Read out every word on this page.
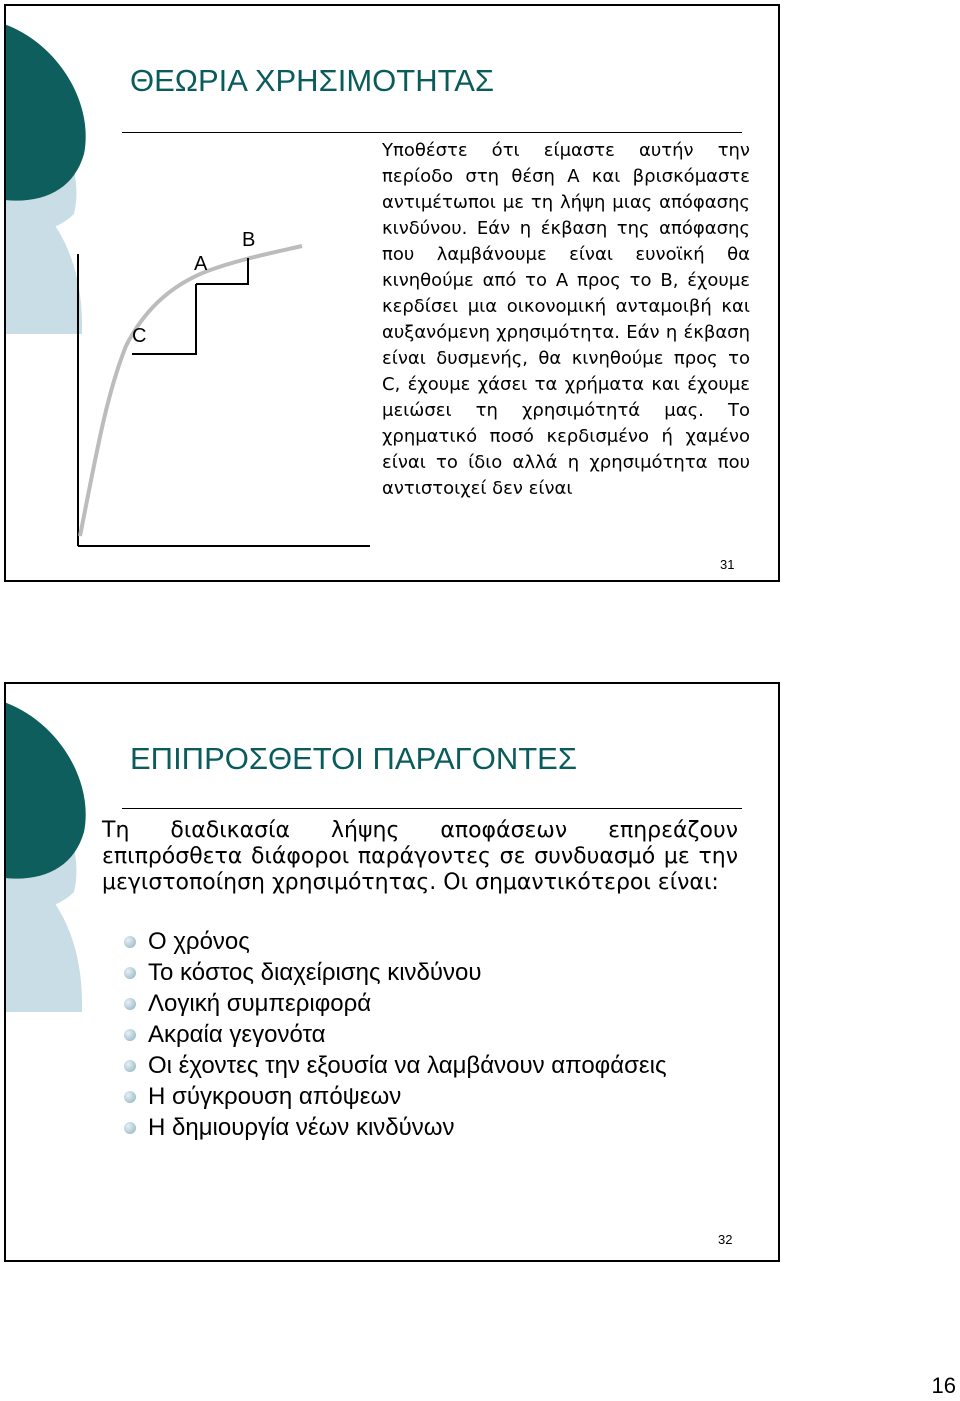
ΘΕΩΡΙΑ ΧΡΗΣΙΜΟΤΗΤΑΣ
A
B
C
31

Υποθέστε ότι είμαστε αυτήν την περίοδο στη θέση Α και βρισκόμαστε αντιμέτωποι με τη λήψη μιας απόφασης κινδύνου. Εάν η έκβαση της απόφασης που λαμβάνουμε είναι ευνοϊκή θα κινηθούμε από το Α προς το Β, έχουμε κερδίσει μια οικονομική ανταμοιβή και αυξανόμενη χρησιμότητα. Εάν η έκβαση είναι δυσμενής, θα κινηθούμε προς το C, έχουμε χάσει τα χρήματα και έχουμε μειώσει τη χρησιμότητά μας. Το χρηματικό ποσό κερδισμένο ή χαμένο είναι το ίδιο αλλά η χρησιμότητα που αντιστοιχεί δεν είναι

ΕΠΙΠΡΟΣΘΕΤΟΙ ΠΑΡΑΓΟΝΤΕΣ
32

Τη διαδικασία λήψης αποφάσεων επηρεάζουν επιπρόσθετα διάφοροι παράγοντες σε συνδυασμό με την μεγιστοποίηση χρησιμότητας. Οι σημαντικότεροι είναι:

Ο χρόνος
Το κόστος διαχείρισης κινδύνου
Λογική συμπεριφορά
Ακραία γεγονότα
Οι έχοντες την εξουσία να λαμβάνουν αποφάσεις
Η σύγκρουση απόψεων
Η δημιουργία νέων κινδύνων
16
